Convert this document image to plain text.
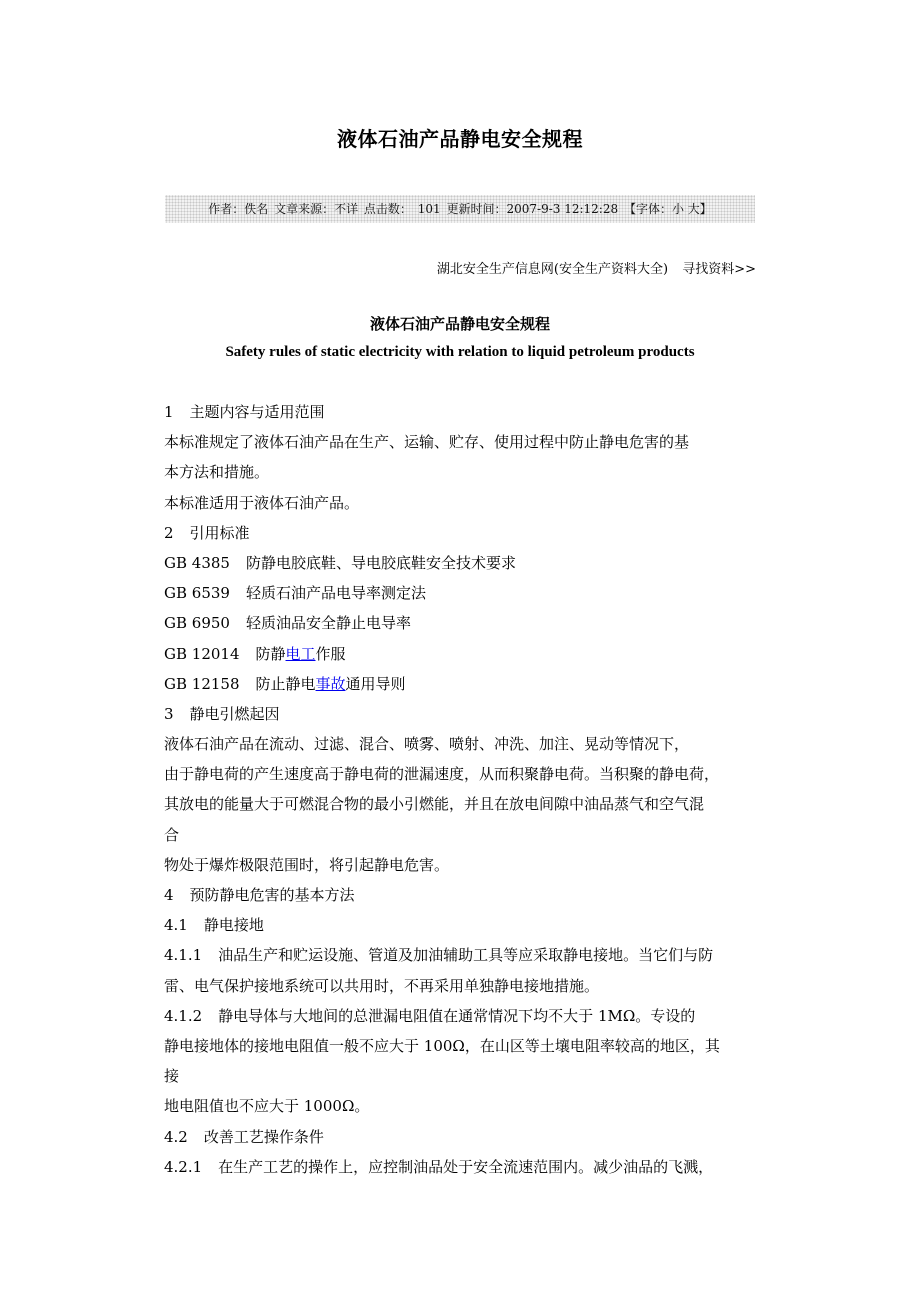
液体石油产品静电安全规程
作者：佚名 文章来源：不详 点击数： 101 更新时间：2007-9-3 12:12:28 【字体：小 大】
湖北安全生产信息网(安全生产资料大全) 寻找资料>>
液体石油产品静电安全规程
Safety rules of static electricity with relation to liquid petroleum products
1 主题内容与适用范围
本标准规定了液体石油产品在生产、运输、贮存、使用过程中防止静电危害的基
本方法和措施。
本标准适用于液体石油产品。
2 引用标准
GB 4385 防静电胶底鞋、导电胶底鞋安全技术要求
GB 6539 轻质石油产品电导率测定法
GB 6950 轻质油品安全静止电导率
GB 12014 防静电工作服
GB 12158 防止静电事故通用导则
3 静电引燃起因
液体石油产品在流动、过滤、混合、喷雾、喷射、冲洗、加注、晃动等情况下，
由于静电荷的产生速度高于静电荷的泄漏速度，从而积聚静电荷。当积聚的静电荷，
其放电的能量大于可燃混合物的最小引燃能，并且在放电间隙中油品蒸气和空气混
合
物处于爆炸极限范围时，将引起静电危害。
4 预防静电危害的基本方法
4.1 静电接地
4.1.1 油品生产和贮运设施、管道及加油辅助工具等应采取静电接地。当它们与防
雷、电气保护接地系统可以共用时，不再采用单独静电接地措施。
4.1.2 静电导体与大地间的总泄漏电阻值在通常情况下均不大于 1MΩ。专设的
静电接地体的接地电阻值一般不应大于 100Ω，在山区等土壤电阻率较高的地区，其
接
地电阻值也不应大于 1000Ω。
4.2 改善工艺操作条件
4.2.1 在生产工艺的操作上，应控制油品处于安全流速范围内。减少油品的飞溅，
